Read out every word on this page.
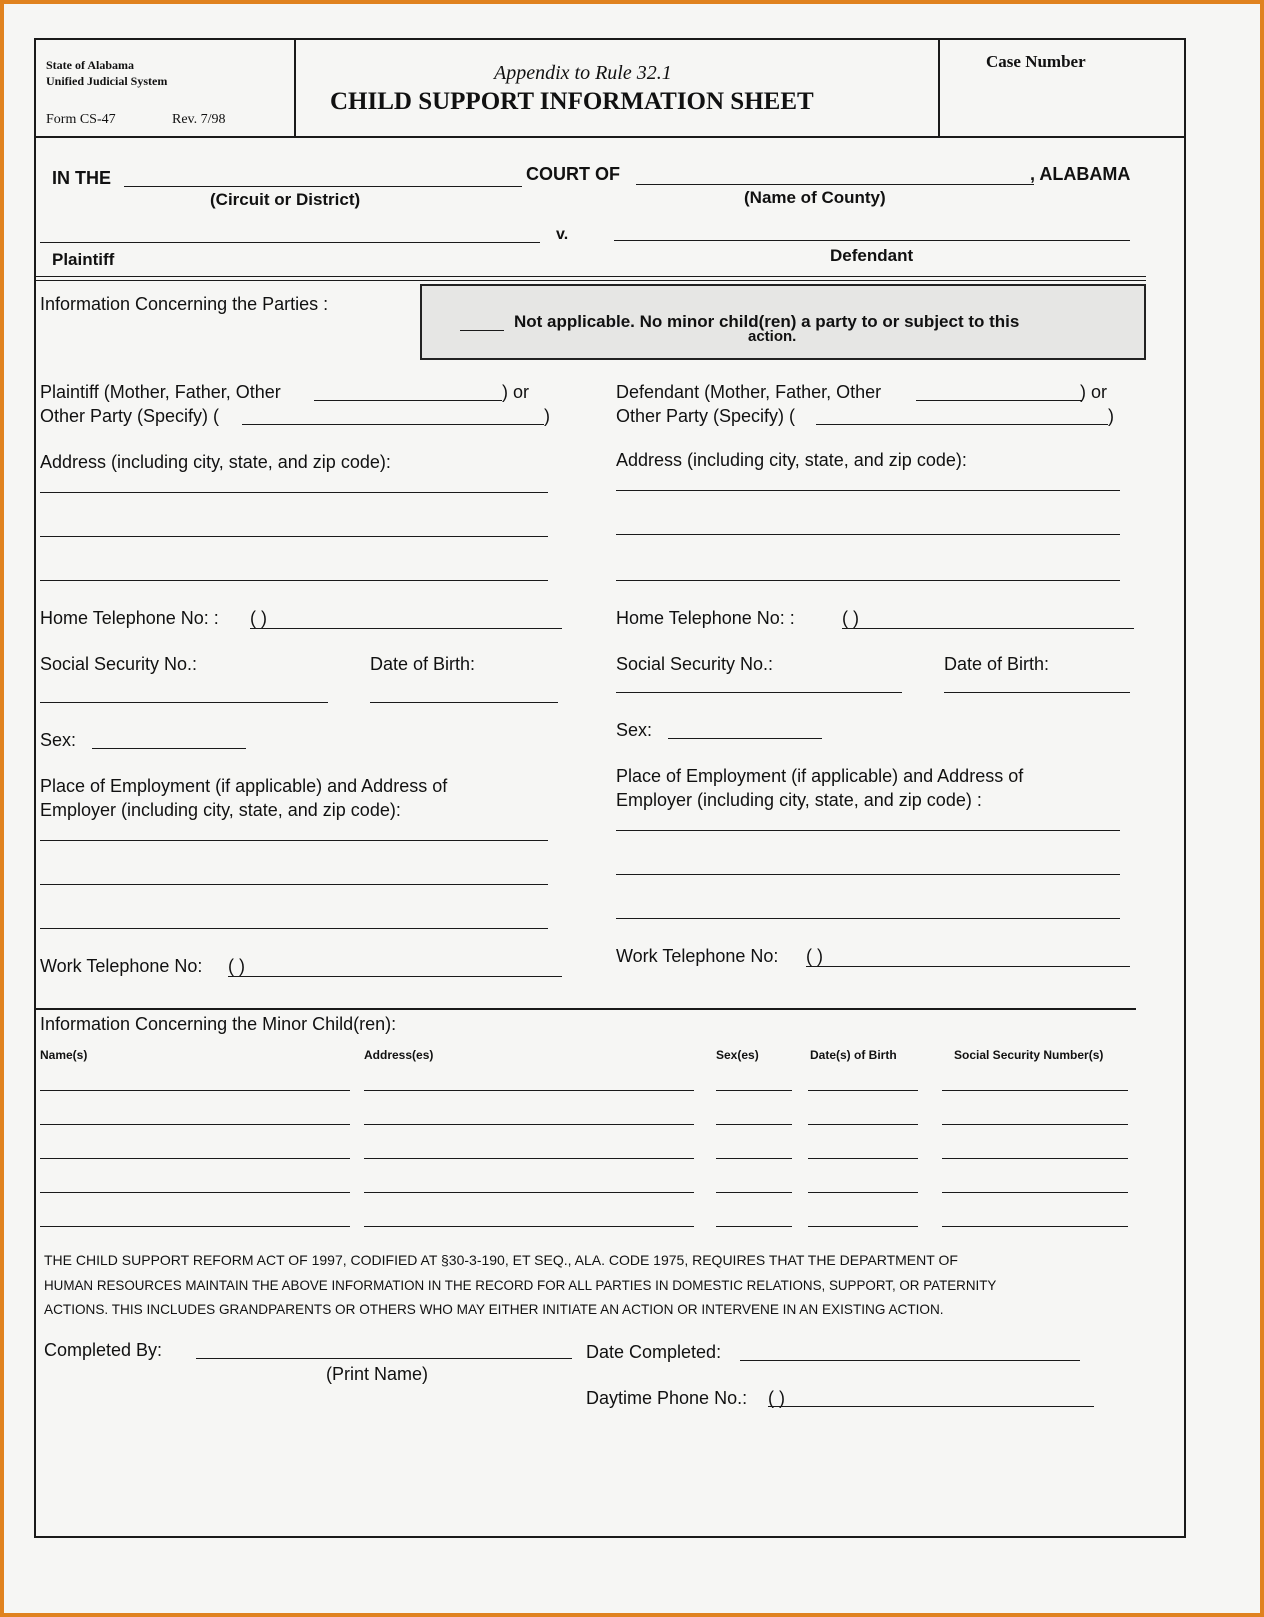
State of Alabama
Unified Judicial System
Form CS-47	Rev. 7/98
Appendix to Rule 32.1
CHILD SUPPORT INFORMATION SHEET
Case Number
IN THE	COURT OF	, ALABAMA
(Circuit or District)	(Name of County)
v.
Plaintiff	Defendant
Information Concerning the Parties :
Not applicable. No minor child(ren) a party to or subject to this
action.
Plaintiff (Mother, Father, Other	) or
Other Party (Specify) (	)
Address (including city, state, and zip code):
Home Telephone No: : ( )
Social Security No.:	Date of Birth:
Sex:
Place of Employment (if applicable) and Address of
Employer (including city, state, and zip code):
Work Telephone No: ( )
Defendant (Mother, Father, Other	) or
Other Party (Specify) (	)
Address (including city, state, and zip code):
Home Telephone No: :	( )
Social Security No.:	Date of Birth:
Sex:
Place of Employment (if applicable) and Address of
Employer (including city, state, and zip code) :
Work Telephone No: ( )
Information Concerning the Minor Child(ren):
Name(s)	Address(es)	Sex(es)	Date(s) of Birth	Social Security Number(s)
THE CHILD SUPPORT REFORM ACT OF 1997, CODIFIED AT §30-3-190, ET SEQ., ALA. CODE 1975, REQUIRES THAT THE DEPARTMENT OF
HUMAN RESOURCES MAINTAIN THE ABOVE INFORMATION IN THE RECORD FOR ALL PARTIES IN DOMESTIC RELATIONS, SUPPORT, OR PATERNITY
ACTIONS. THIS INCLUDES GRANDPARENTS OR OTHERS WHO MAY EITHER INITIATE AN ACTION OR INTERVENE IN AN EXISTING ACTION.
Completed By:
(Print Name)
Date Completed:
Daytime Phone No.: ( )
